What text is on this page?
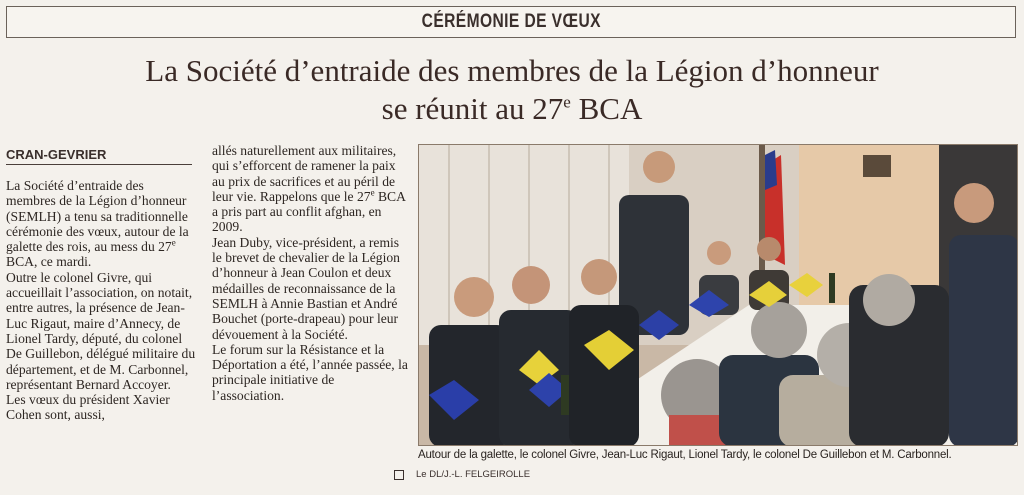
CÉRÉMONIE DE VŒUX
La Société d’entraide des membres de la Légion d’honneur
se réunit au 27e BCA
CRAN-GEVRIER

La Société d’entraide des membres de la Légion d’honneur (SEMLH) a tenu sa traditionnelle cérémonie des vœux, autour de la galette des rois, au mess du 27e BCA, ce mardi.

Outre le colonel Givre, qui accueillait l’association, on notait, entre autres, la présence de Jean-Luc Rigaut, maire d’Annecy, de Lionel Tardy, député, du colonel De Guillebon, délégué militaire du département, et de M. Carbonnel, représentant Bernard Accoyer.

Les vœux du président Xavier Cohen sont, aussi,

allés naturellement aux militaires, qui s’efforcent de ramener la paix au prix de sacrifices et au péril de leur vie. Rappelons que le 27e BCA a pris part au conflit afghan, en 2009.

Jean Duby, vice-président, a remis le brevet de chevalier de la Légion d’honneur à Jean Coulon et deux médailles de reconnaissance de la SEMLH à Annie Bastian et André Bouchet (porte-drapeau) pour leur dévouement à la Société.

Le forum sur la Résistance et la Déportation a été, l’année passée, la principale initiative de l’association.

Autour de la galette, le colonel Givre, Jean-Luc Rigaut, Lionel Tardy, le colonel De Guillebon et M. Carbonnel.
Le DL/J.-L. FELGEIROLLE
